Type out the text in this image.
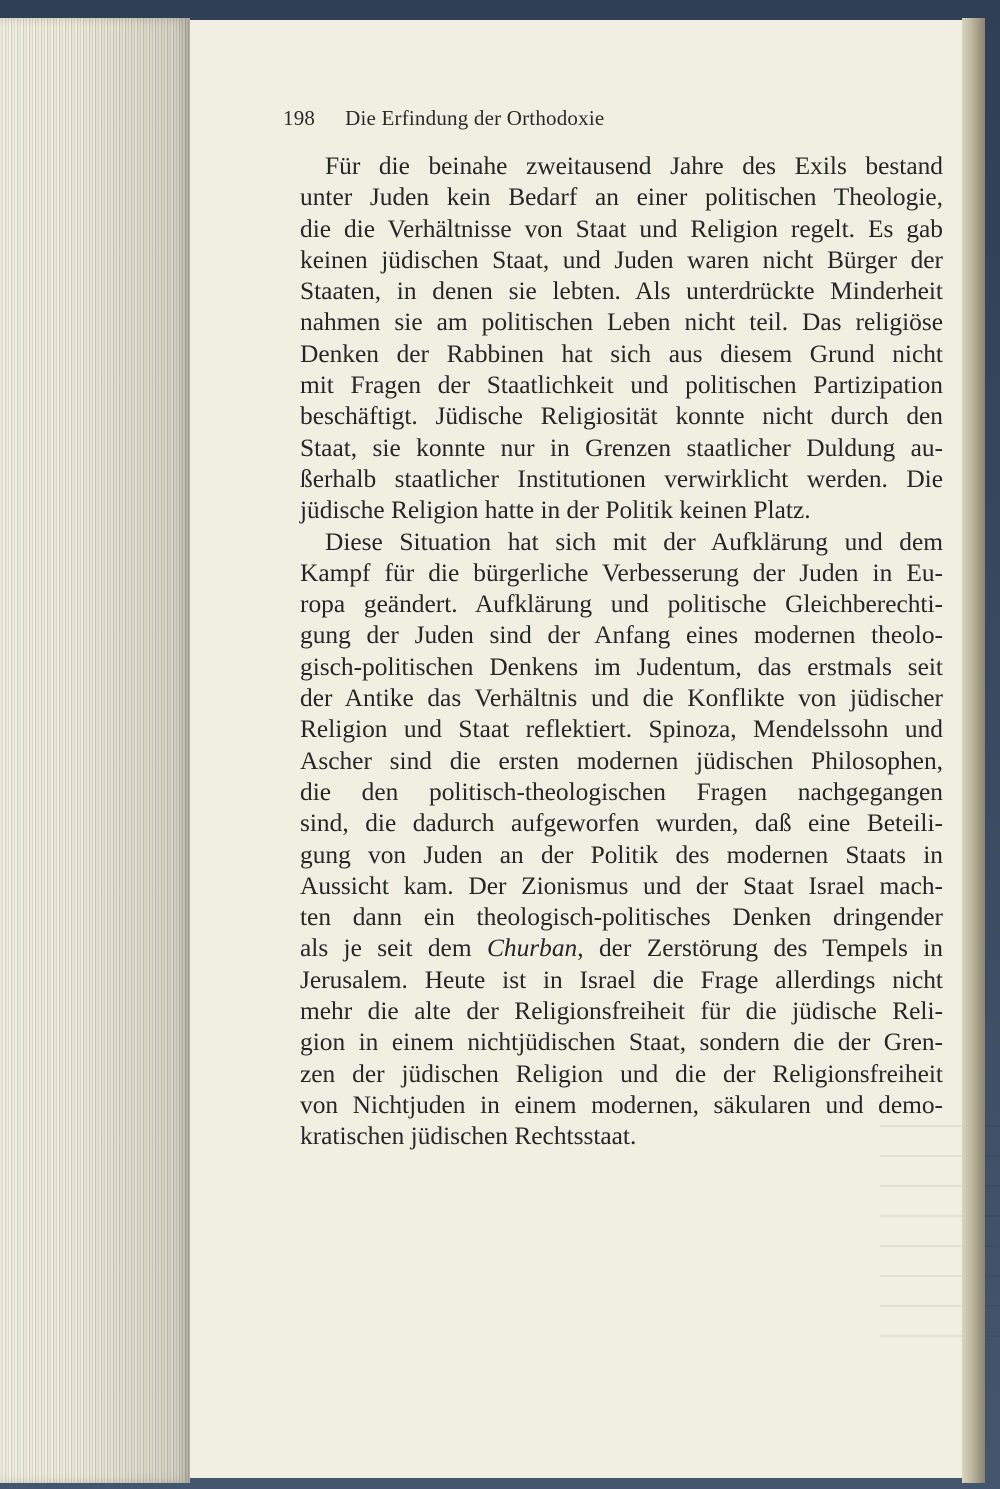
198 Die Erfindung der Orthodoxie
Für die beinahe zweitausend Jahre des Exils bestand
unter Juden kein Bedarf an einer politischen Theologie,
die die Verhältnisse von Staat und Religion regelt. Es gab
keinen jüdischen Staat, und Juden waren nicht Bürger der
Staaten, in denen sie lebten. Als unterdrückte Minderheit
nahmen sie am politischen Leben nicht teil. Das religiöse
Denken der Rabbinen hat sich aus diesem Grund nicht
mit Fragen der Staatlichkeit und politischen Partizipation
beschäftigt. Jüdische Religiosität konnte nicht durch den
Staat, sie konnte nur in Grenzen staatlicher Duldung au-
ßerhalb staatlicher Institutionen verwirklicht werden. Die
jüdische Religion hatte in der Politik keinen Platz.
Diese Situation hat sich mit der Aufklärung und dem
Kampf für die bürgerliche Verbesserung der Juden in Eu-
ropa geändert. Aufklärung und politische Gleichberechti-
gung der Juden sind der Anfang eines modernen theolo-
gisch-politischen Denkens im Judentum, das erstmals seit
der Antike das Verhältnis und die Konflikte von jüdischer
Religion und Staat reflektiert. Spinoza, Mendelssohn und
Ascher sind die ersten modernen jüdischen Philosophen,
die den politisch-theologischen Fragen nachgegangen
sind, die dadurch aufgeworfen wurden, daß eine Beteili-
gung von Juden an der Politik des modernen Staats in
Aussicht kam. Der Zionismus und der Staat Israel mach-
ten dann ein theologisch-politisches Denken dringender
als je seit dem Churban, der Zerstörung des Tempels in
Jerusalem. Heute ist in Israel die Frage allerdings nicht
mehr die alte der Religionsfreiheit für die jüdische Reli-
gion in einem nichtjüdischen Staat, sondern die der Gren-
zen der jüdischen Religion und die der Religionsfreiheit
von Nichtjuden in einem modernen, säkularen und demo-
kratischen jüdischen Rechtsstaat.
